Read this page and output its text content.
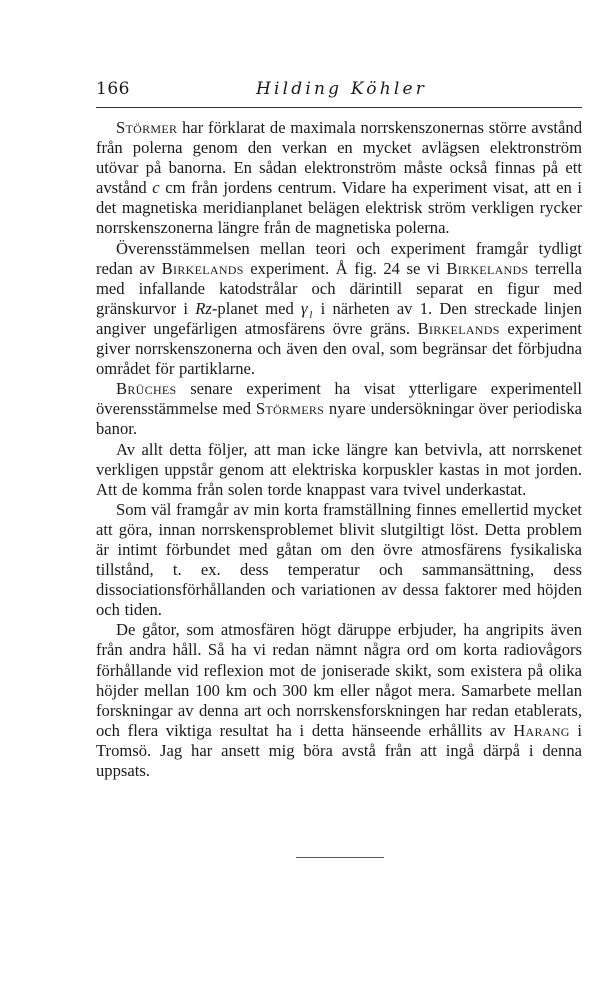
166	Hilding Köhler

Störmer har förklarat de maximala norrskenszonernas större avstånd från polerna genom den verkan en mycket avlägsen elektronström utövar på banorna. En sådan elektronström måste också finnas på ett avstånd c cm från jordens centrum. Vidare ha experiment visat, att en i det magnetiska meridianplanet belägen elektrisk ström verkligen rycker norrskenszonerna längre från de magnetiska polerna.

Överensstämmelsen mellan teori och experiment framgår tydligt redan av Birkelands experiment. Å fig. 24 se vi Birkelands terrella med infallande katodstrålar och därintill separat en figur med gränskurvor i Rz-planet med γ₁ i närheten av 1. Den streckade linjen angiver ungefärligen atmosfärens övre gräns. Birkelands experiment giver norrskenszonerna och även den oval, som begränsar det förbjudna området för partiklarne.

Brüches senare experiment ha visat ytterligare experimentell överensstämmelse med Störmers nyare undersökningar över periodiska banor.

Av allt detta följer, att man icke längre kan betvivla, att norrskenet verkligen uppstår genom att elektriska korpuskler kastas in mot jorden. Att de komma från solen torde knappast vara tvivel underkastat.

Som väl framgår av min korta framställning finnes emellertid mycket att göra, innan norrskensproblemet blivit slutgiltigt löst. Detta problem är intimt förbundet med gåtan om den övre atmosfärens fysikaliska tillstånd, t. ex. dess temperatur och sammansättning, dess dissociationsförhållanden och variationen av dessa faktorer med höjden och tiden.

De gåtor, som atmosfären högt däruppe erbjuder, ha angripits även från andra håll. Så ha vi redan nämnt några ord om korta radiovågors förhållande vid reflexion mot de joniserade skikt, som existera på olika höjder mellan 100 km och 300 km eller något mera. Samarbete mellan forskningar av denna art och norrskensforskningen har redan etablerats, och flera viktiga resultat ha i detta hänseende erhållits av Harang i Tromsö. Jag har ansett mig böra avstå från att ingå därpå i denna uppsats.
